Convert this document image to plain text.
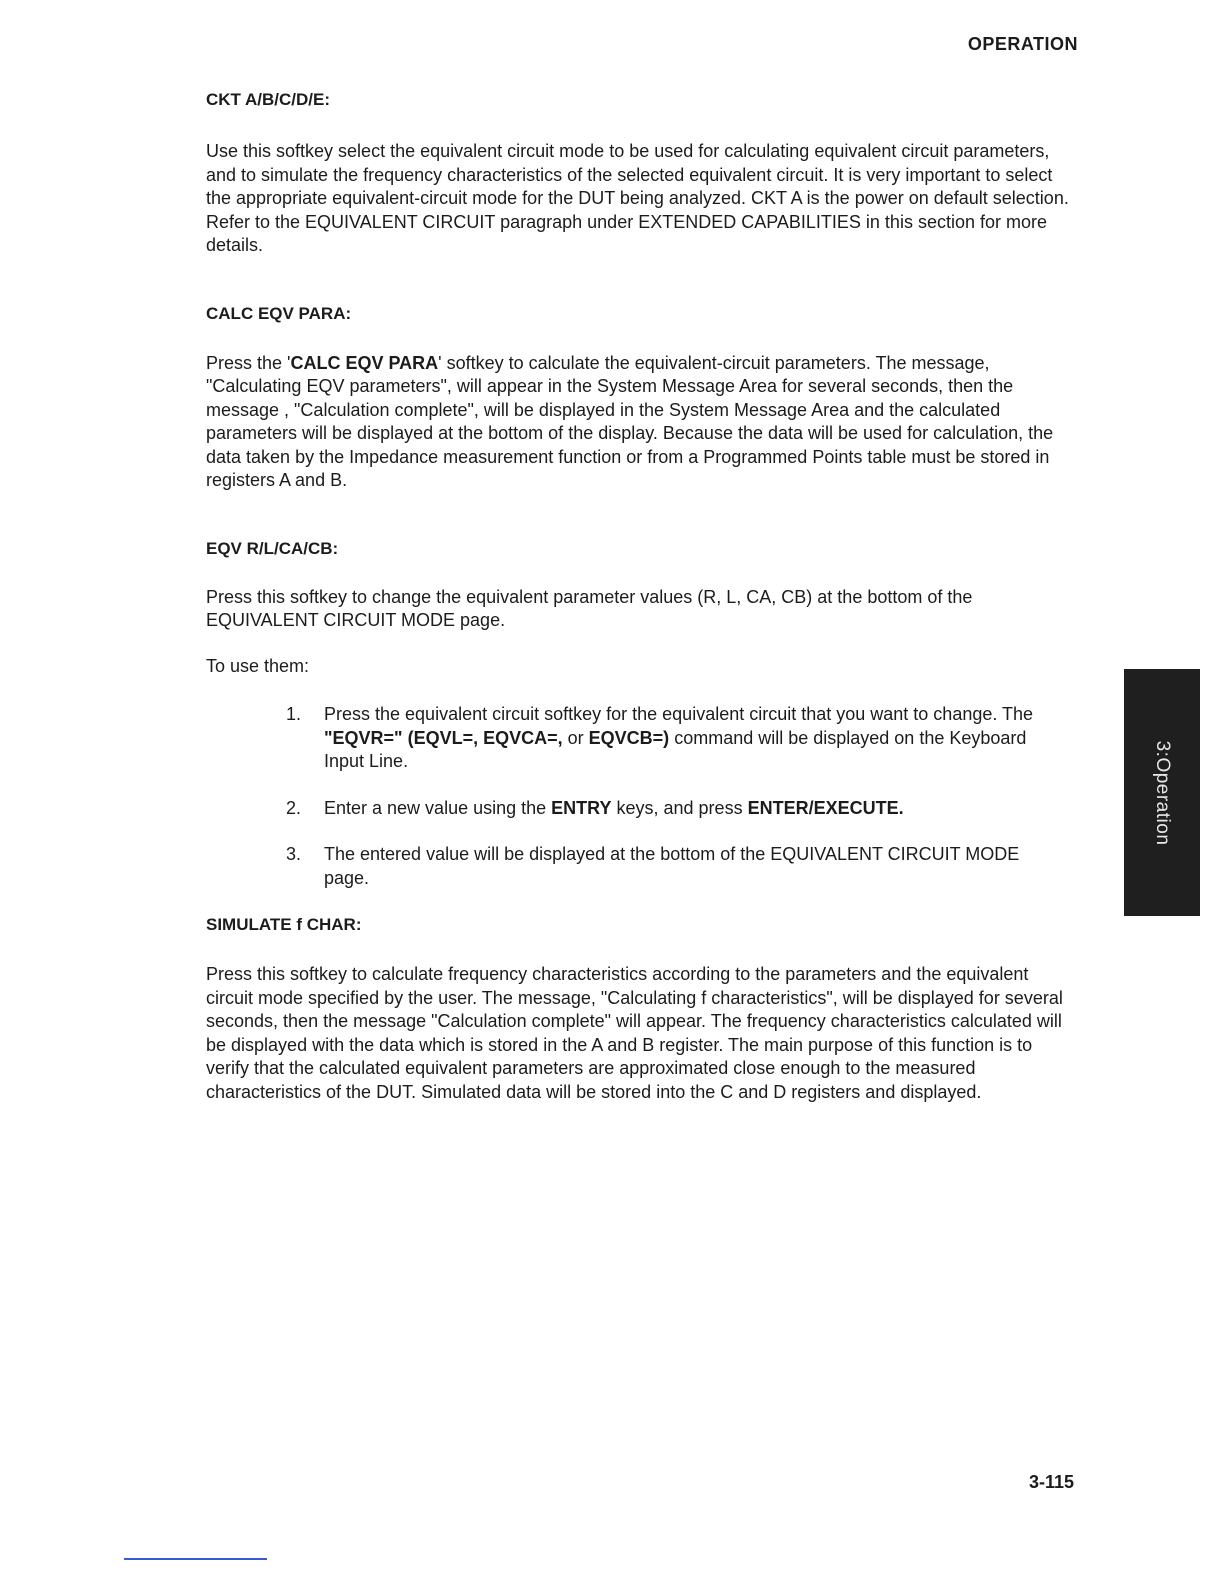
OPERATION
CKT A/B/C/D/E:

Use this softkey select the equivalent circuit mode to be used for calculating equivalent circuit parameters, and to simulate the frequency characteristics of the selected equivalent circuit. It is very important to select the appropriate equivalent-circuit mode for the DUT being analyzed. CKT A is the power on default selection. Refer to the EQUIVALENT CIRCUIT paragraph under EXTENDED CAPABILITIES in this section for more details.

CALC EQV PARA:

Press the 'CALC EQV PARA' softkey to calculate the equivalent-circuit parameters. The message, "Calculating EQV parameters", will appear in the System Message Area for several seconds, then the message , "Calculation complete", will be displayed in the System Message Area and the calculated parameters will be displayed at the bottom of the display. Because the data will be used for calculation, the data taken by the Impedance measurement function or from a Programmed Points table must be stored in registers A and B.

EQV R/L/CA/CB:

Press this softkey to change the equivalent parameter values (R, L, CA, CB) at the bottom of the EQUIVALENT CIRCUIT MODE page.

To use them:

1.	Press the equivalent circuit softkey for the equivalent circuit that you want to change. The "EQVR=" (EQVL=, EQVCA=, or EQVCB=) command will be displayed on the Keyboard Input Line.
2.	Enter a new value using the ENTRY keys, and press ENTER/EXECUTE.
3.	The entered value will be displayed at the bottom of the EQUIVALENT CIRCUIT MODE page.
SIMULATE f CHAR:

Press this softkey to calculate frequency characteristics according to the parameters and the equivalent circuit mode specified by the user. The message, "Calculating f characteristics", will be displayed for several seconds, then the message "Calculation complete" will appear. The frequency characteristics calculated will be displayed with the data which is stored in the A and B register. The main purpose of this function is to verify that the calculated equivalent parameters are approximated close enough to the measured characteristics of the DUT. Simulated data will be stored into the C and D registers and displayed.

3:Operation
3-115
